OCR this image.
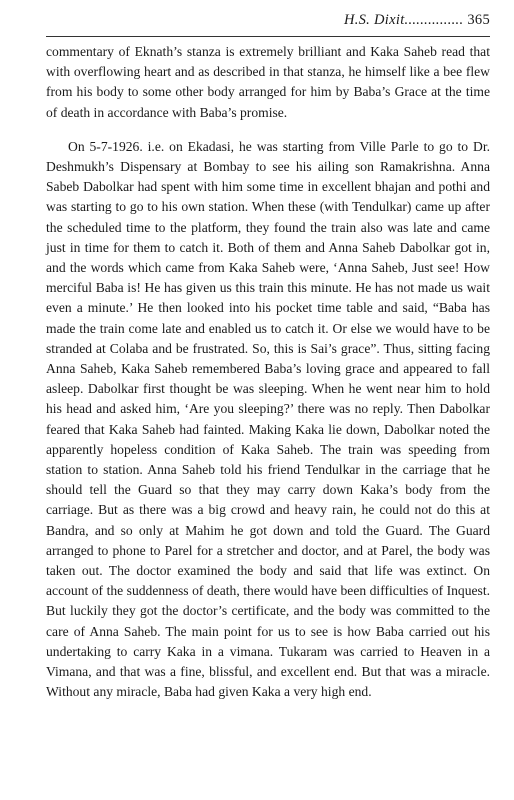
H.S. Dixit............... 365

commentary of Eknath’s stanza is extremely brilliant and Kaka Saheb read that with overflowing heart and as described in that stanza, he himself like a bee flew from his body to some other body arranged for him by Baba’s Grace at the time of death in accordance with Baba’s promise.

On 5-7-1926. i.e. on Ekadasi, he was starting from Ville Parle to go to Dr. Deshmukh’s Dispensary at Bombay to see his ailing son Ramakrishna. Anna Sabeb Dabolkar had spent with him some time in excellent bhajan and pothi and was starting to go to his own station. When these (with Tendulkar) came up after the scheduled time to the platform, they found the train also was late and came just in time for them to catch it. Both of them and Anna Saheb Dabolkar got in, and the words which came from Kaka Saheb were, ‘Anna Saheb, Just see! How merciful Baba is! He has given us this train this minute. He has not made us wait even a minute.’ He then looked into his pocket time table and said, “Baba has made the train come late and enabled us to catch it. Or else we would have to be stranded at Colaba and be frustrated. So, this is Sai’s grace”. Thus, sitting facing Anna Saheb, Kaka Saheb remembered Baba’s loving grace and appeared to fall asleep. Dabolkar first thought be was sleeping. When he went near him to hold his head and asked him, ‘Are you sleeping?’ there was no reply. Then Dabolkar feared that Kaka Saheb had fainted. Making Kaka lie down, Dabolkar noted the apparently hopeless condition of Kaka Saheb. The train was speeding from station to station. Anna Saheb told his friend Tendulkar in the carriage that he should tell the Guard so that they may carry down Kaka’s body from the carriage. But as there was a big crowd and heavy rain, he could not do this at Bandra, and so only at Mahim he got down and told the Guard. The Guard arranged to phone to Parel for a stretcher and doctor, and at Parel, the body was taken out. The doctor examined the body and said that life was extinct. On account of the suddenness of death, there would have been difficulties of Inquest. But luckily they got the doctor’s certificate, and the body was committed to the care of Anna Saheb. The main point for us to see is how Baba carried out his undertaking to carry Kaka in a vimana. Tukaram was carried to Heaven in a Vimana, and that was a fine, blissful, and excellent end. But that was a miracle. Without any miracle, Baba had given Kaka a very high end.
